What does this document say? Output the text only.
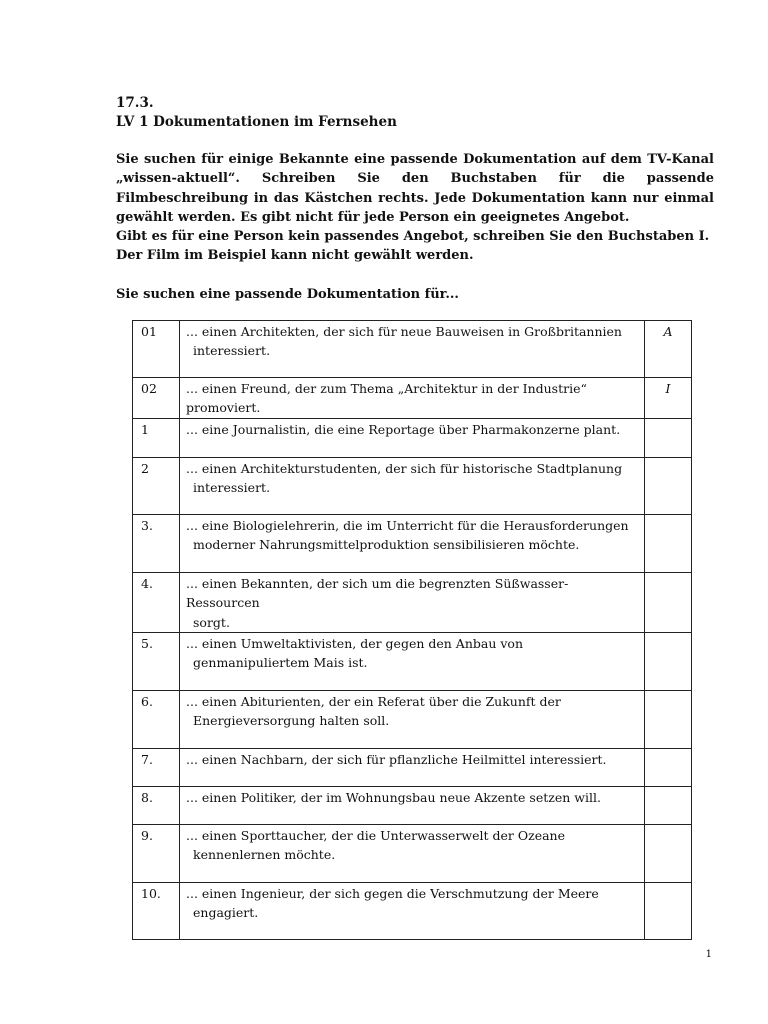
17.3.
LV 1 Dokumentationen im Fernsehen

Sie suchen für einige Bekannte eine passende Dokumentation auf dem TV-Kanal „wissen-aktuell“. Schreiben Sie den Buchstaben für die passende Filmbeschreibung in das Kästchen rechts. Jede Dokumentation kann nur einmal gewählt werden. Es gibt nicht für jede Person ein geeignetes Angebot.

Gibt es für eine Person kein passendes Angebot, schreiben Sie den Buchstaben I.

Der Film im Beispiel kann nicht gewählt werden.

Sie suchen eine passende Dokumentation für...
01	... einen Architekten, der sich für neue Bauweisen in Großbritannien
interessiert.	A
02	... einen Freund, der zum Thema „Architektur in der Industrie“ promoviert.	I
1	... eine Journalistin, die eine Reportage über Pharmakonzerne plant.	
2	... einen Architekturstudenten, der sich für historische Stadtplanung
interessiert.	

3.	... eine Biologielehrerin, die im Unterricht für die Herausforderungen
moderner Nahrungsmittelproduktion sensibilisieren möchte.	

4.	... einen Bekannten, der sich um die begrenzten Süßwasser-Ressourcen
sorgt.	

5.	... einen Umweltaktivisten, der gegen den Anbau von
genmanipuliertem Mais ist.	

6.	... einen Abiturienten, der ein Referat über die Zukunft der
Energieversorgung halten soll.	

7.	... einen Nachbarn, der sich für pflanzliche Heilmittel interessiert.	
8.	... einen Politiker, der im Wohnungsbau neue Akzente setzen will.	
9.	... einen Sporttaucher, der die Unterwasserwelt der Ozeane
kennenlernen möchte.	

10.	... einen Ingenieur, der sich gegen die Verschmutzung der Meere
engagiert.	

1
